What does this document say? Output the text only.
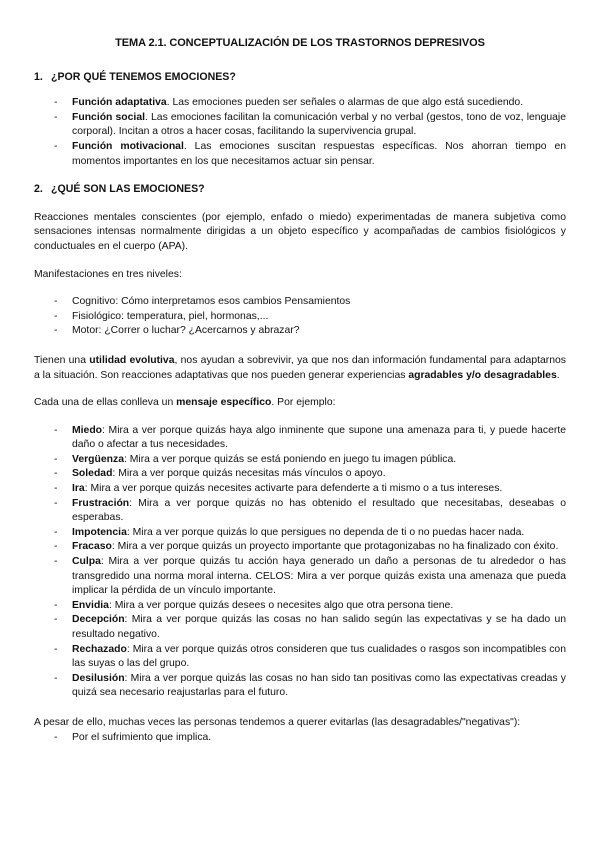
TEMA 2.1. CONCEPTUALIZACIÓN DE LOS TRASTORNOS DEPRESIVOS
1. ¿POR QUÉ TENEMOS EMOCIONES?
- Función adaptativa. Las emociones pueden ser señales o alarmas de que algo está sucediendo.
- Función social. Las emociones facilitan la comunicación verbal y no verbal (gestos, tono de voz, lenguaje corporal). Incitan a otros a hacer cosas, facilitando la supervivencia grupal.
- Función motivacional. Las emociones suscitan respuestas específicas. Nos ahorran tiempo en momentos importantes en los que necesitamos actuar sin pensar.
2. ¿QUÉ SON LAS EMOCIONES?

Reacciones mentales conscientes (por ejemplo, enfado o miedo) experimentadas de manera subjetiva como sensaciones intensas normalmente dirigidas a un objeto específico y acompañadas de cambios fisiológicos y conductuales en el cuerpo (APA).

Manifestaciones en tres niveles:

- Cognitivo: Cómo interpretamos esos cambios Pensamientos
- Fisiológico: temperatura, piel, hormonas,...
- Motor: ¿Correr o luchar? ¿Acercarnos y abrazar?

Tienen una utilidad evolutiva, nos ayudan a sobrevivir, ya que nos dan información fundamental para adaptarnos a la situación. Son reacciones adaptativas que nos pueden generar experiencias agradables y/o desagradables.

Cada una de ellas conlleva un mensaje específico. Por ejemplo:

- Miedo: Mira a ver porque quizás haya algo inminente que supone una amenaza para ti, y puede hacerte daño o afectar a tus necesidades.
- Vergüenza: Mira a ver porque quizás se está poniendo en juego tu imagen pública.
- Soledad: Mira a ver porque quizás necesitas más vínculos o apoyo.
- Ira: Mira a ver porque quizás necesites activarte para defenderte a ti mismo o a tus intereses.
- Frustración: Mira a ver porque quizás no has obtenido el resultado que necesitabas, deseabas o esperabas.
- Impotencia: Mira a ver porque quizás lo que persigues no dependa de ti o no puedas hacer nada.
- Fracaso: Mira a ver porque quizás un proyecto importante que protagonizabas no ha finalizado con éxito.
- Culpa: Mira a ver porque quizás tu acción haya generado un daño a personas de tu alrededor o has transgredido una norma moral interna. CELOS: Mira a ver porque quizás exista una amenaza que pueda implicar la pérdida de un vínculo importante.
- Envidia: Mira a ver porque quizás desees o necesites algo que otra persona tiene.
- Decepción: Mira a ver porque quizás las cosas no han salido según las expectativas y se ha dado un resultado negativo.
- Rechazado: Mira a ver porque quizás otros consideren que tus cualidades o rasgos son incompatibles con las suyas o las del grupo.
- Desilusión: Mira a ver porque quizás las cosas no han sido tan positivas como las expectativas creadas y quizá sea necesario reajustarlas para el futuro.

A pesar de ello, muchas veces las personas tendemos a querer evitarlas (las desagradables/"negativas"):

- Por el sufrimiento que implica.
